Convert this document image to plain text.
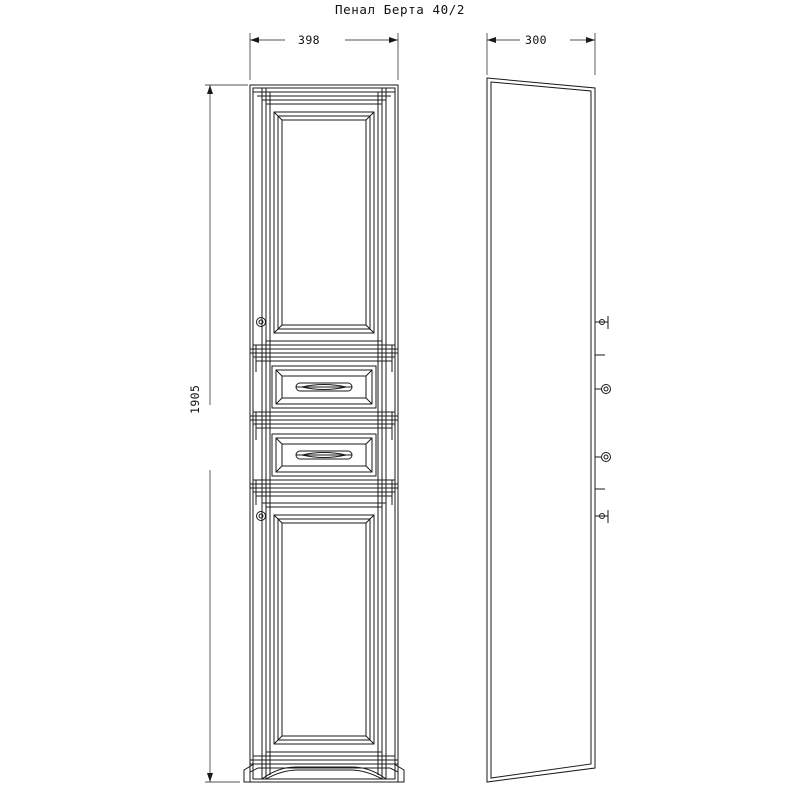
Пенал Берта 40/2
398	300
1905
